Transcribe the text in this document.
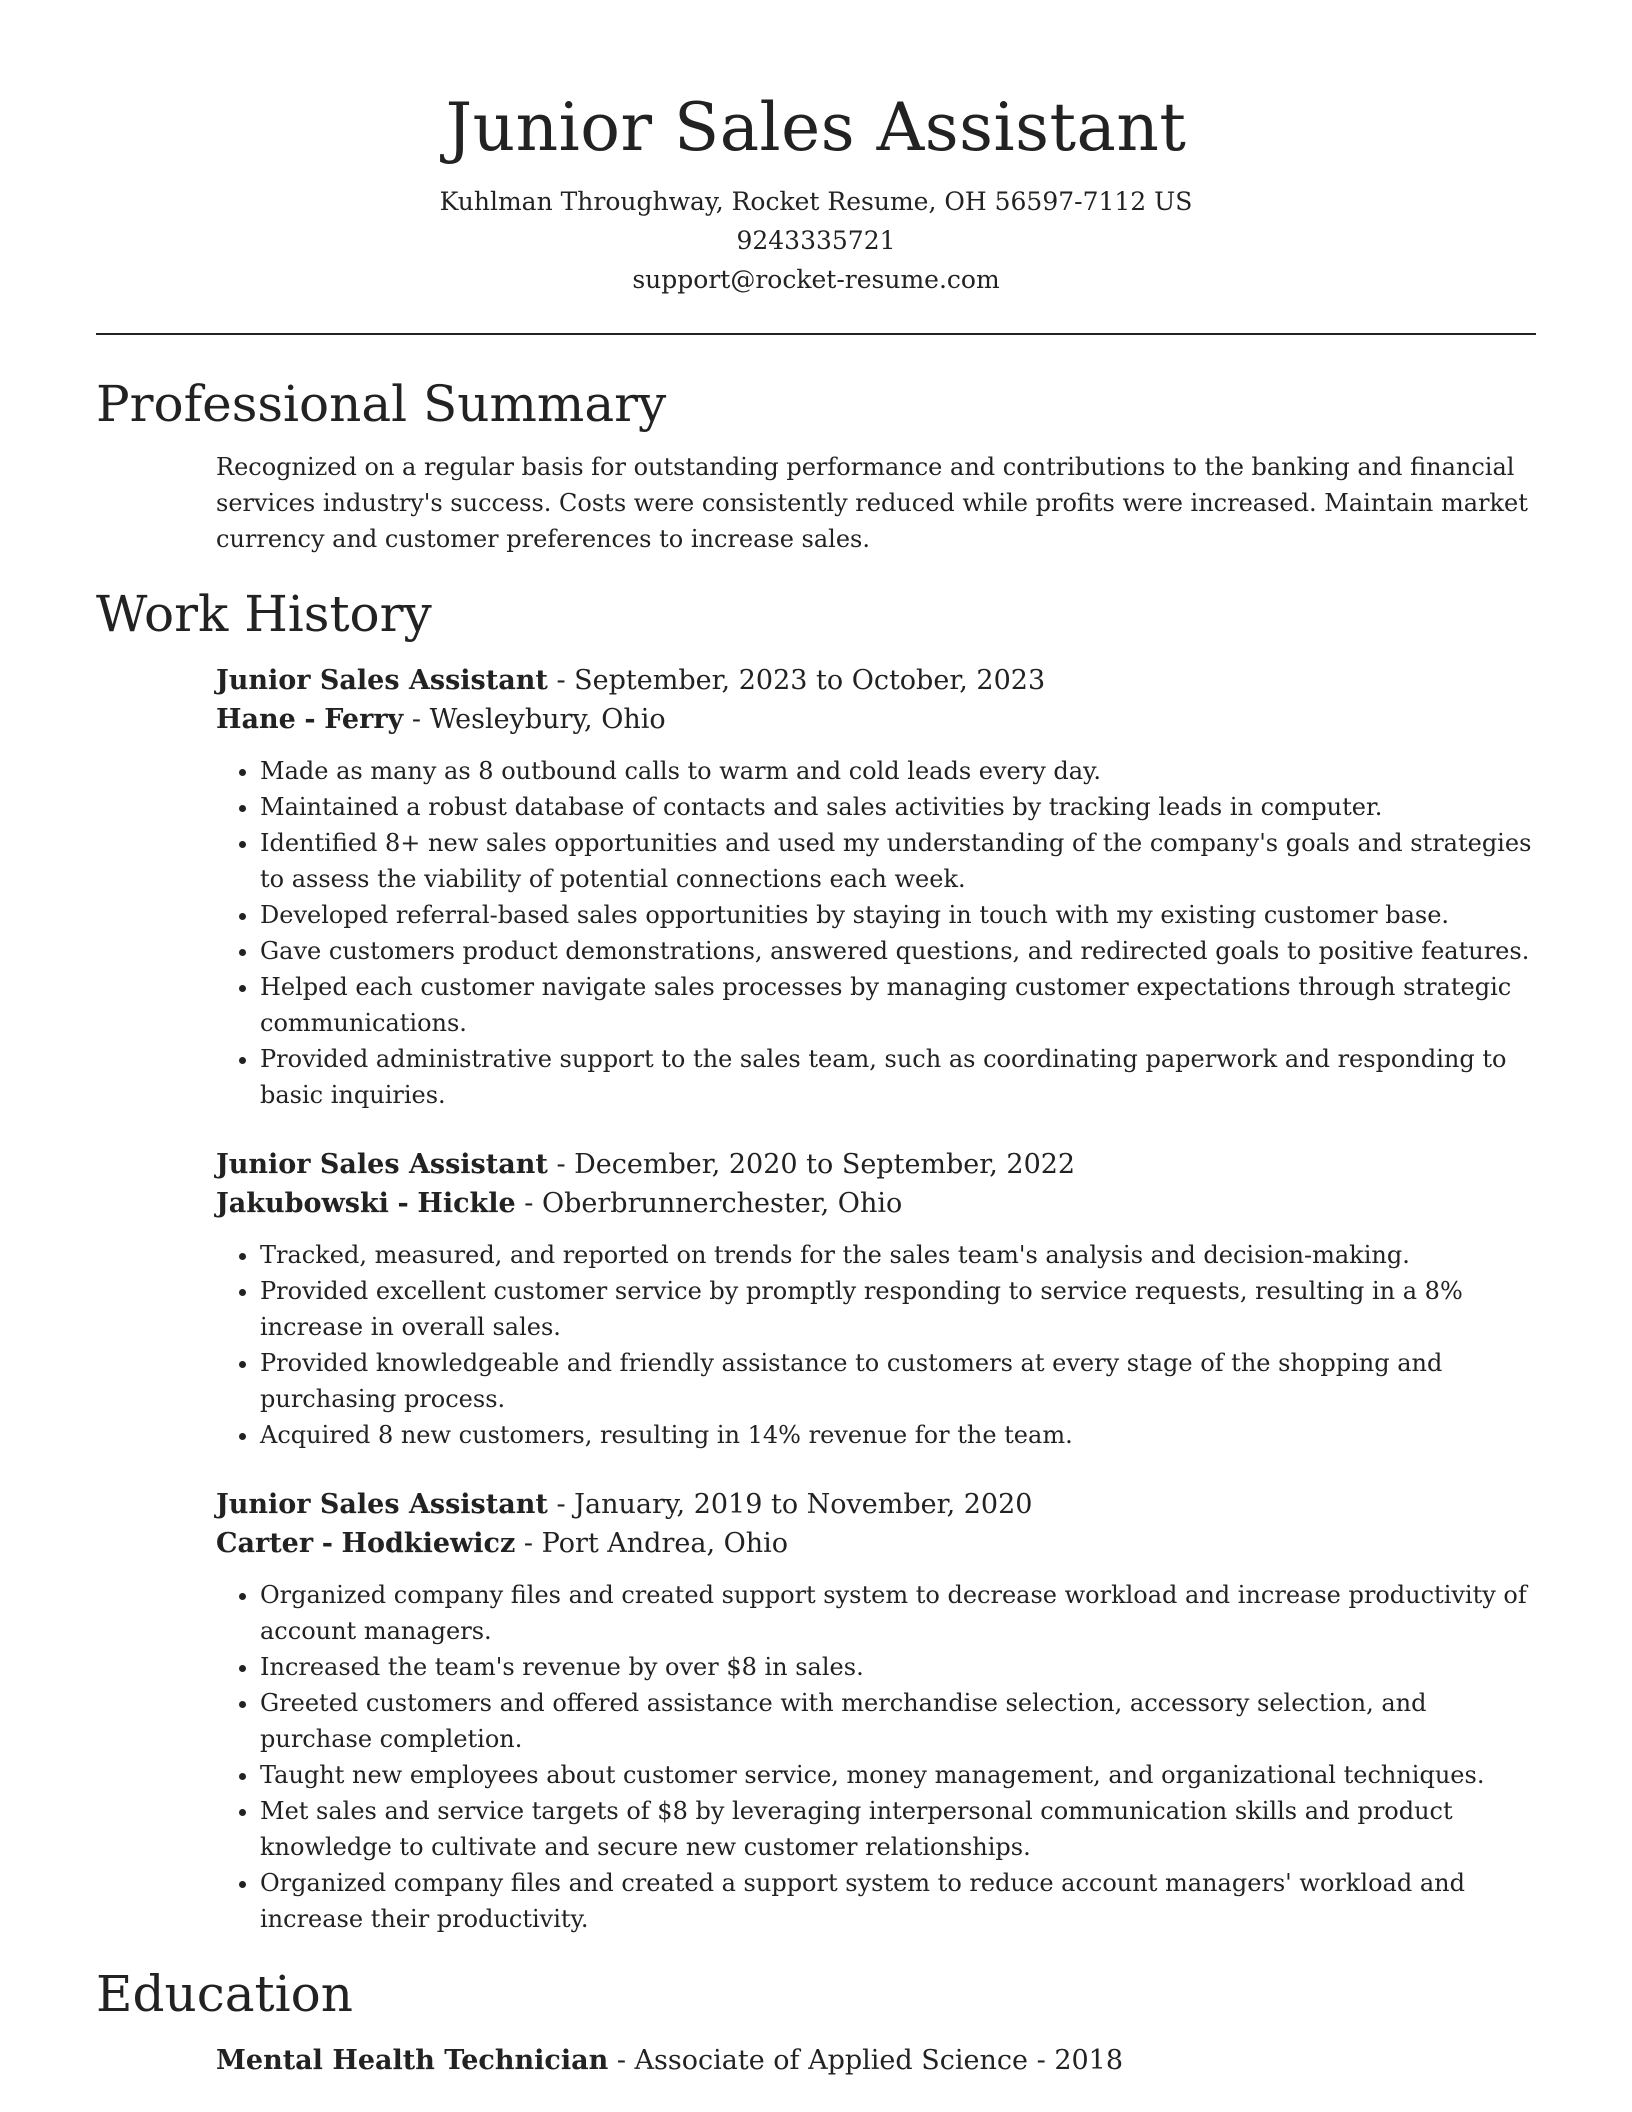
Junior Sales Assistant
Kuhlman Throughway, Rocket Resume, OH 56597-7112 US
9243335721
support@rocket-resume.com
Professional Summary

Recognized on a regular basis for outstanding performance and contributions to the banking and financial services industry's success. Costs were consistently reduced while profits were increased. Maintain market currency and customer preferences to increase sales.

Work History
Junior Sales Assistant - September, 2023 to October, 2023
Hane - Ferry - Wesleybury, Ohio
• Made as many as 8 outbound calls to warm and cold leads every day.
• Maintained a robust database of contacts and sales activities by tracking leads in computer.
• Identified 8+ new sales opportunities and used my understanding of the company's goals and strategies to assess the viability of potential connections each week.
• Developed referral-based sales opportunities by staying in touch with my existing customer base.
• Gave customers product demonstrations, answered questions, and redirected goals to positive features.
• Helped each customer navigate sales processes by managing customer expectations through strategic communications.
• Provided administrative support to the sales team, such as coordinating paperwork and responding to basic inquiries.
Junior Sales Assistant - December, 2020 to September, 2022
Jakubowski - Hickle - Oberbrunnerchester, Ohio
• Tracked, measured, and reported on trends for the sales team's analysis and decision-making.
• Provided excellent customer service by promptly responding to service requests, resulting in a 8% increase in overall sales.
• Provided knowledgeable and friendly assistance to customers at every stage of the shopping and purchasing process.
• Acquired 8 new customers, resulting in 14% revenue for the team.
Junior Sales Assistant - January, 2019 to November, 2020
Carter - Hodkiewicz - Port Andrea, Ohio
• Organized company files and created support system to decrease workload and increase productivity of account managers.
• Increased the team's revenue by over $8 in sales.
• Greeted customers and offered assistance with merchandise selection, accessory selection, and purchase completion.
• Taught new employees about customer service, money management, and organizational techniques.
• Met sales and service targets of $8 by leveraging interpersonal communication skills and product knowledge to cultivate and secure new customer relationships.
• Organized company files and created a support system to reduce account managers' workload and increase their productivity.
Education
Mental Health Technician - Associate of Applied Science - 2018
